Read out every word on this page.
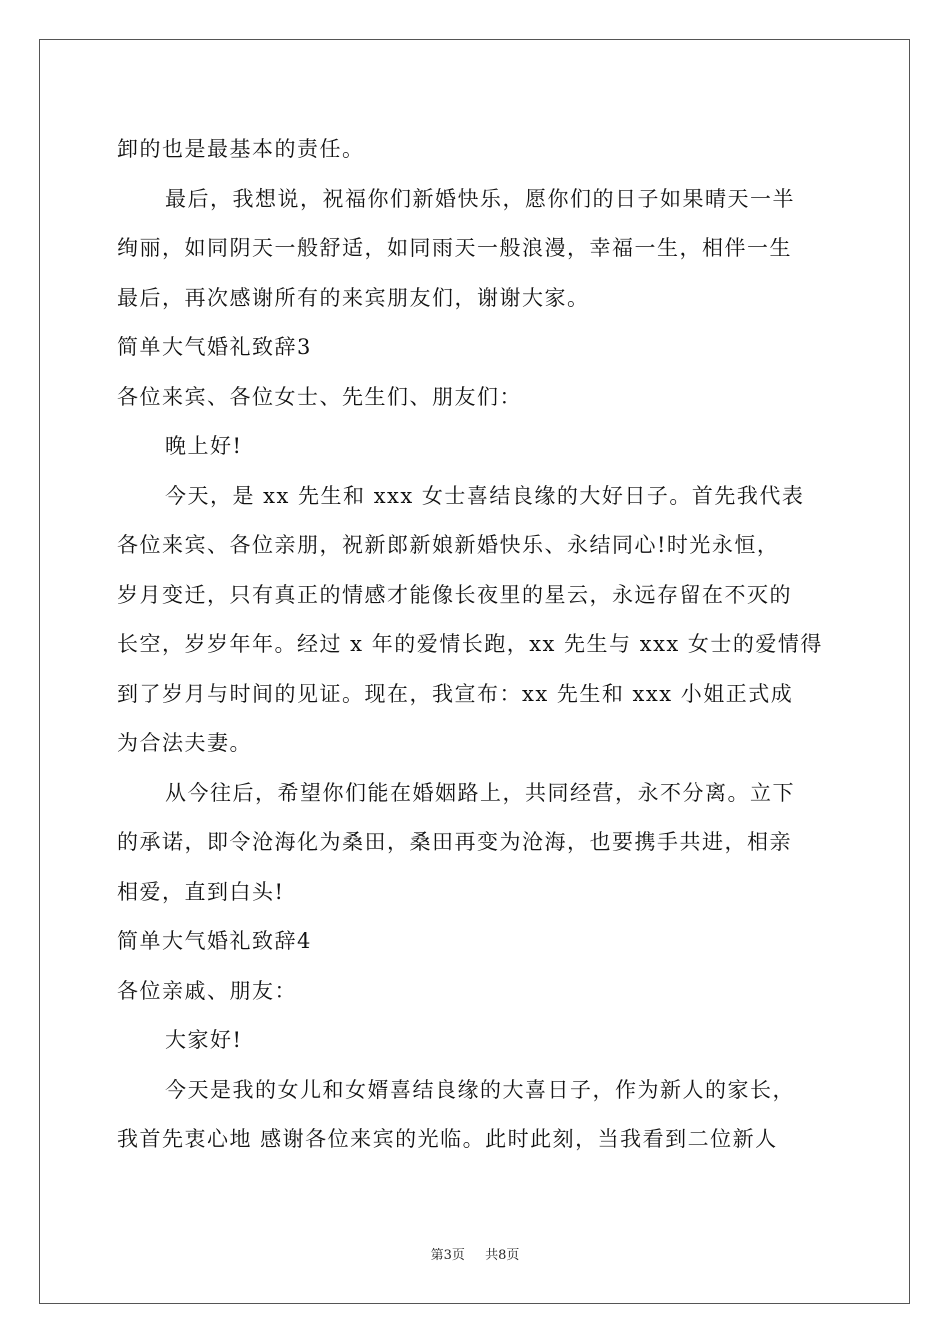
卸的也是最基本的责任。
最后，我想说，祝福你们新婚快乐，愿你们的日子如果晴天一半
绚丽，如同阴天一般舒适，如同雨天一般浪漫，幸福一生，相伴一生
最后，再次感谢所有的来宾朋友们，谢谢大家。
简单大气婚礼致辞3
各位来宾、各位女士、先生们、朋友们：
晚上好!
今天，是 xx 先生和 xxx 女士喜结良缘的大好日子。首先我代表
各位来宾、各位亲朋，祝新郎新娘新婚快乐、永结同心!时光永恒，
岁月变迁，只有真正的情感才能像长夜里的星云，永远存留在不灭的
长空，岁岁年年。经过 x 年的爱情长跑，xx 先生与 xxx 女士的爱情得
到了岁月与时间的见证。现在，我宣布：xx 先生和 xxx 小姐正式成
为合法夫妻。
从今往后，希望你们能在婚姻路上，共同经营，永不分离。立下
的承诺，即令沧海化为桑田，桑田再变为沧海，也要携手共进，相亲
相爱，直到白头!
简单大气婚礼致辞4
各位亲戚、朋友：
大家好!
今天是我的女儿和女婿喜结良缘的大喜日子，作为新人的家长，
我首先衷心地 感谢各位来宾的光临。此时此刻，当我看到二位新人
第3页 共8页
